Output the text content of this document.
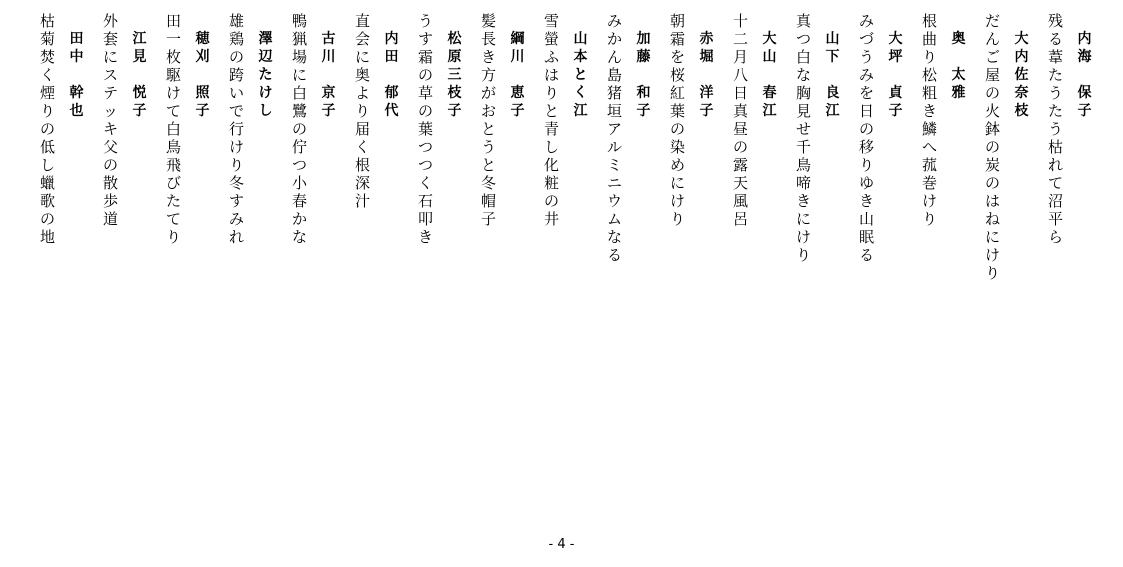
内
海

保
子
残
る
葦
た
う
た
う
枯
れ
て
沼
平
ら
大
内
佐
奈
枝
だ
ん
ご
屋
の
火
鉢
の
炭
の
は
ね
に
け
り
奥

太
雅
根
曲
り
松
粗
き
鱗
へ
菰
巻
け
り
大
坪

貞
子
み
づ
う
み
を
日
の
移
り
ゆ
き
山
眠
る
山
下

良
江
真
つ
白
な
胸
見
せ
千
鳥
啼
き
に
け
り
大
山

春
江
十
二
月
八
日
真
昼
の
露
天
風
呂
赤
堀

洋
子
朝
霜
を
桜
紅
葉
の
染
め
に
け
り
加
藤

和
子
み
か
ん
島
猪
垣
ア
ル
ミ
ニ
ウ
ム
な
る
山
本
と
く
江
雪
螢
ふ
は
り
と
青
し
化
粧
の
井
綱
川

恵
子
髪
長
き
方
が
お
と
う
と
冬
帽
子
松
原
三
枝
子
う
す
霜
の
草
の
葉
つ
つ
く
石
叩
き
内
田

郁
代
直
会
に
奥
よ
り
届
く
根
深
汁
古
川

京
子
鴨
猟
場
に
白
鷺
の
佇
つ
小
春
か
な
澤
辺
た
け
し
雄
鶏
の
跨
い
で
行
け
り
冬
す
み
れ
穂
刈

照
子
田
一
枚
駆
け
て
白
鳥
飛
び
た
て
り
江
見

悦
子
外
套
に
ス
テ
ッ
キ
父
の
散
歩
道
田
中

幹
也
枯
菊
焚
く
煙
り
の
低
し
蠟
歌
の
地
- 4 -
